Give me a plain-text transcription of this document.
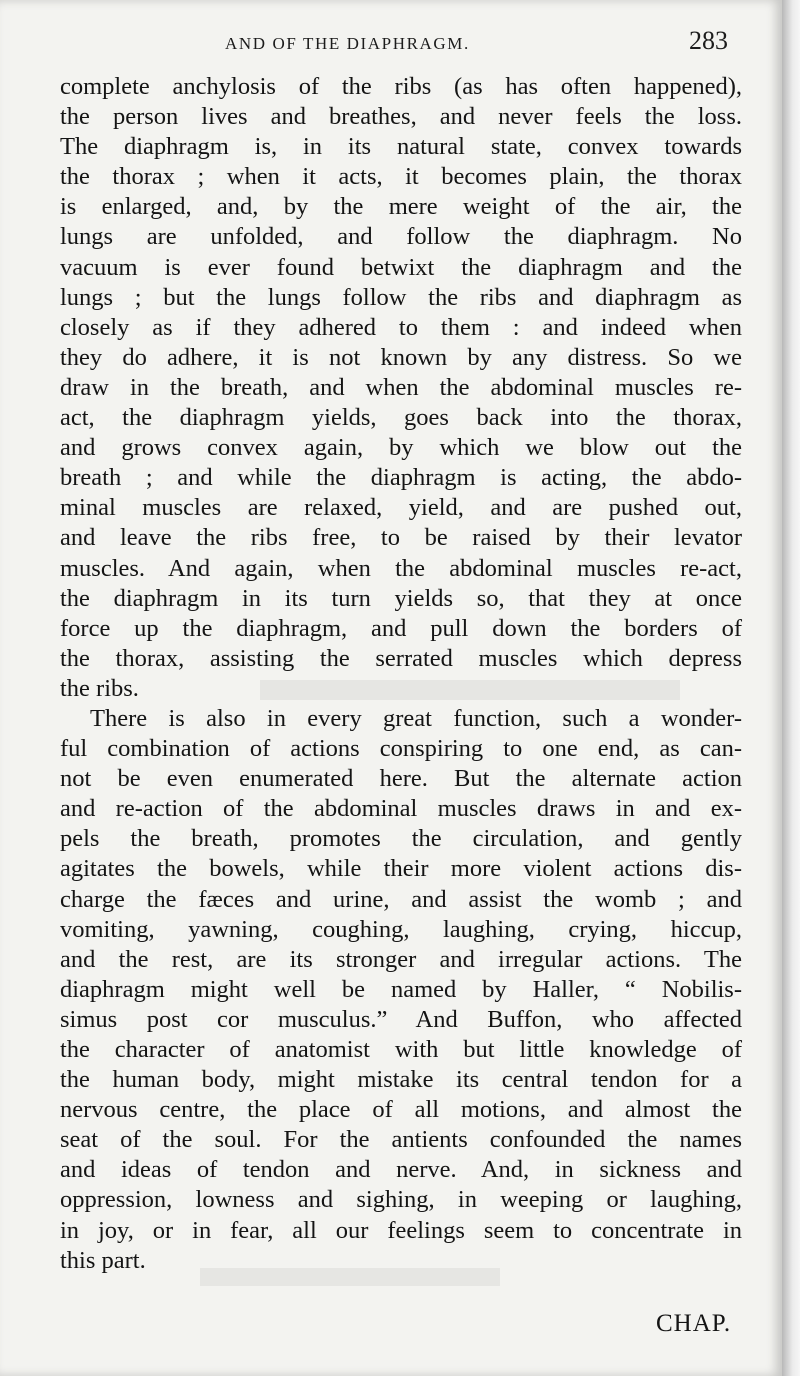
AND OF THE DIAPHRAGM.	283
complete anchylosis of the ribs (as has often happened),
the person lives and breathes, and never feels the loss.
The diaphragm is, in its natural state, convex towards
the thorax ; when it acts, it becomes plain, the thorax
is enlarged, and, by the mere weight of the air, the
lungs are unfolded, and follow the diaphragm. No
vacuum is ever found betwixt the diaphragm and the
lungs ; but the lungs follow the ribs and diaphragm as
closely as if they adhered to them : and indeed when
they do adhere, it is not known by any distress. So we
draw in the breath, and when the abdominal muscles re-
act, the diaphragm yields, goes back into the thorax,
and grows convex again, by which we blow out the
breath ; and while the diaphragm is acting, the abdo-
minal muscles are relaxed, yield, and are pushed out,
and leave the ribs free, to be raised by their levator
muscles. And again, when the abdominal muscles re-act,
the diaphragm in its turn yields so, that they at once
force up the diaphragm, and pull down the borders of
the thorax, assisting the serrated muscles which depress
the ribs.
There is also in every great function, such a wonder-
ful combination of actions conspiring to one end, as can-
not be even enumerated here. But the alternate action
and re-action of the abdominal muscles draws in and ex-
pels the breath, promotes the circulation, and gently
agitates the bowels, while their more violent actions dis-
charge the fæces and urine, and assist the womb ; and
vomiting, yawning, coughing, laughing, crying, hiccup,
and the rest, are its stronger and irregular actions. The
diaphragm might well be named by Haller, “ Nobilis-
simus post cor musculus.” And Buffon, who affected
the character of anatomist with but little knowledge of
the human body, might mistake its central tendon for a
nervous centre, the place of all motions, and almost the
seat of the soul. For the antients confounded the names
and ideas of tendon and nerve. And, in sickness and
oppression, lowness and sighing, in weeping or laughing,
in joy, or in fear, all our feelings seem to concentrate in
this part.
CHAP.
